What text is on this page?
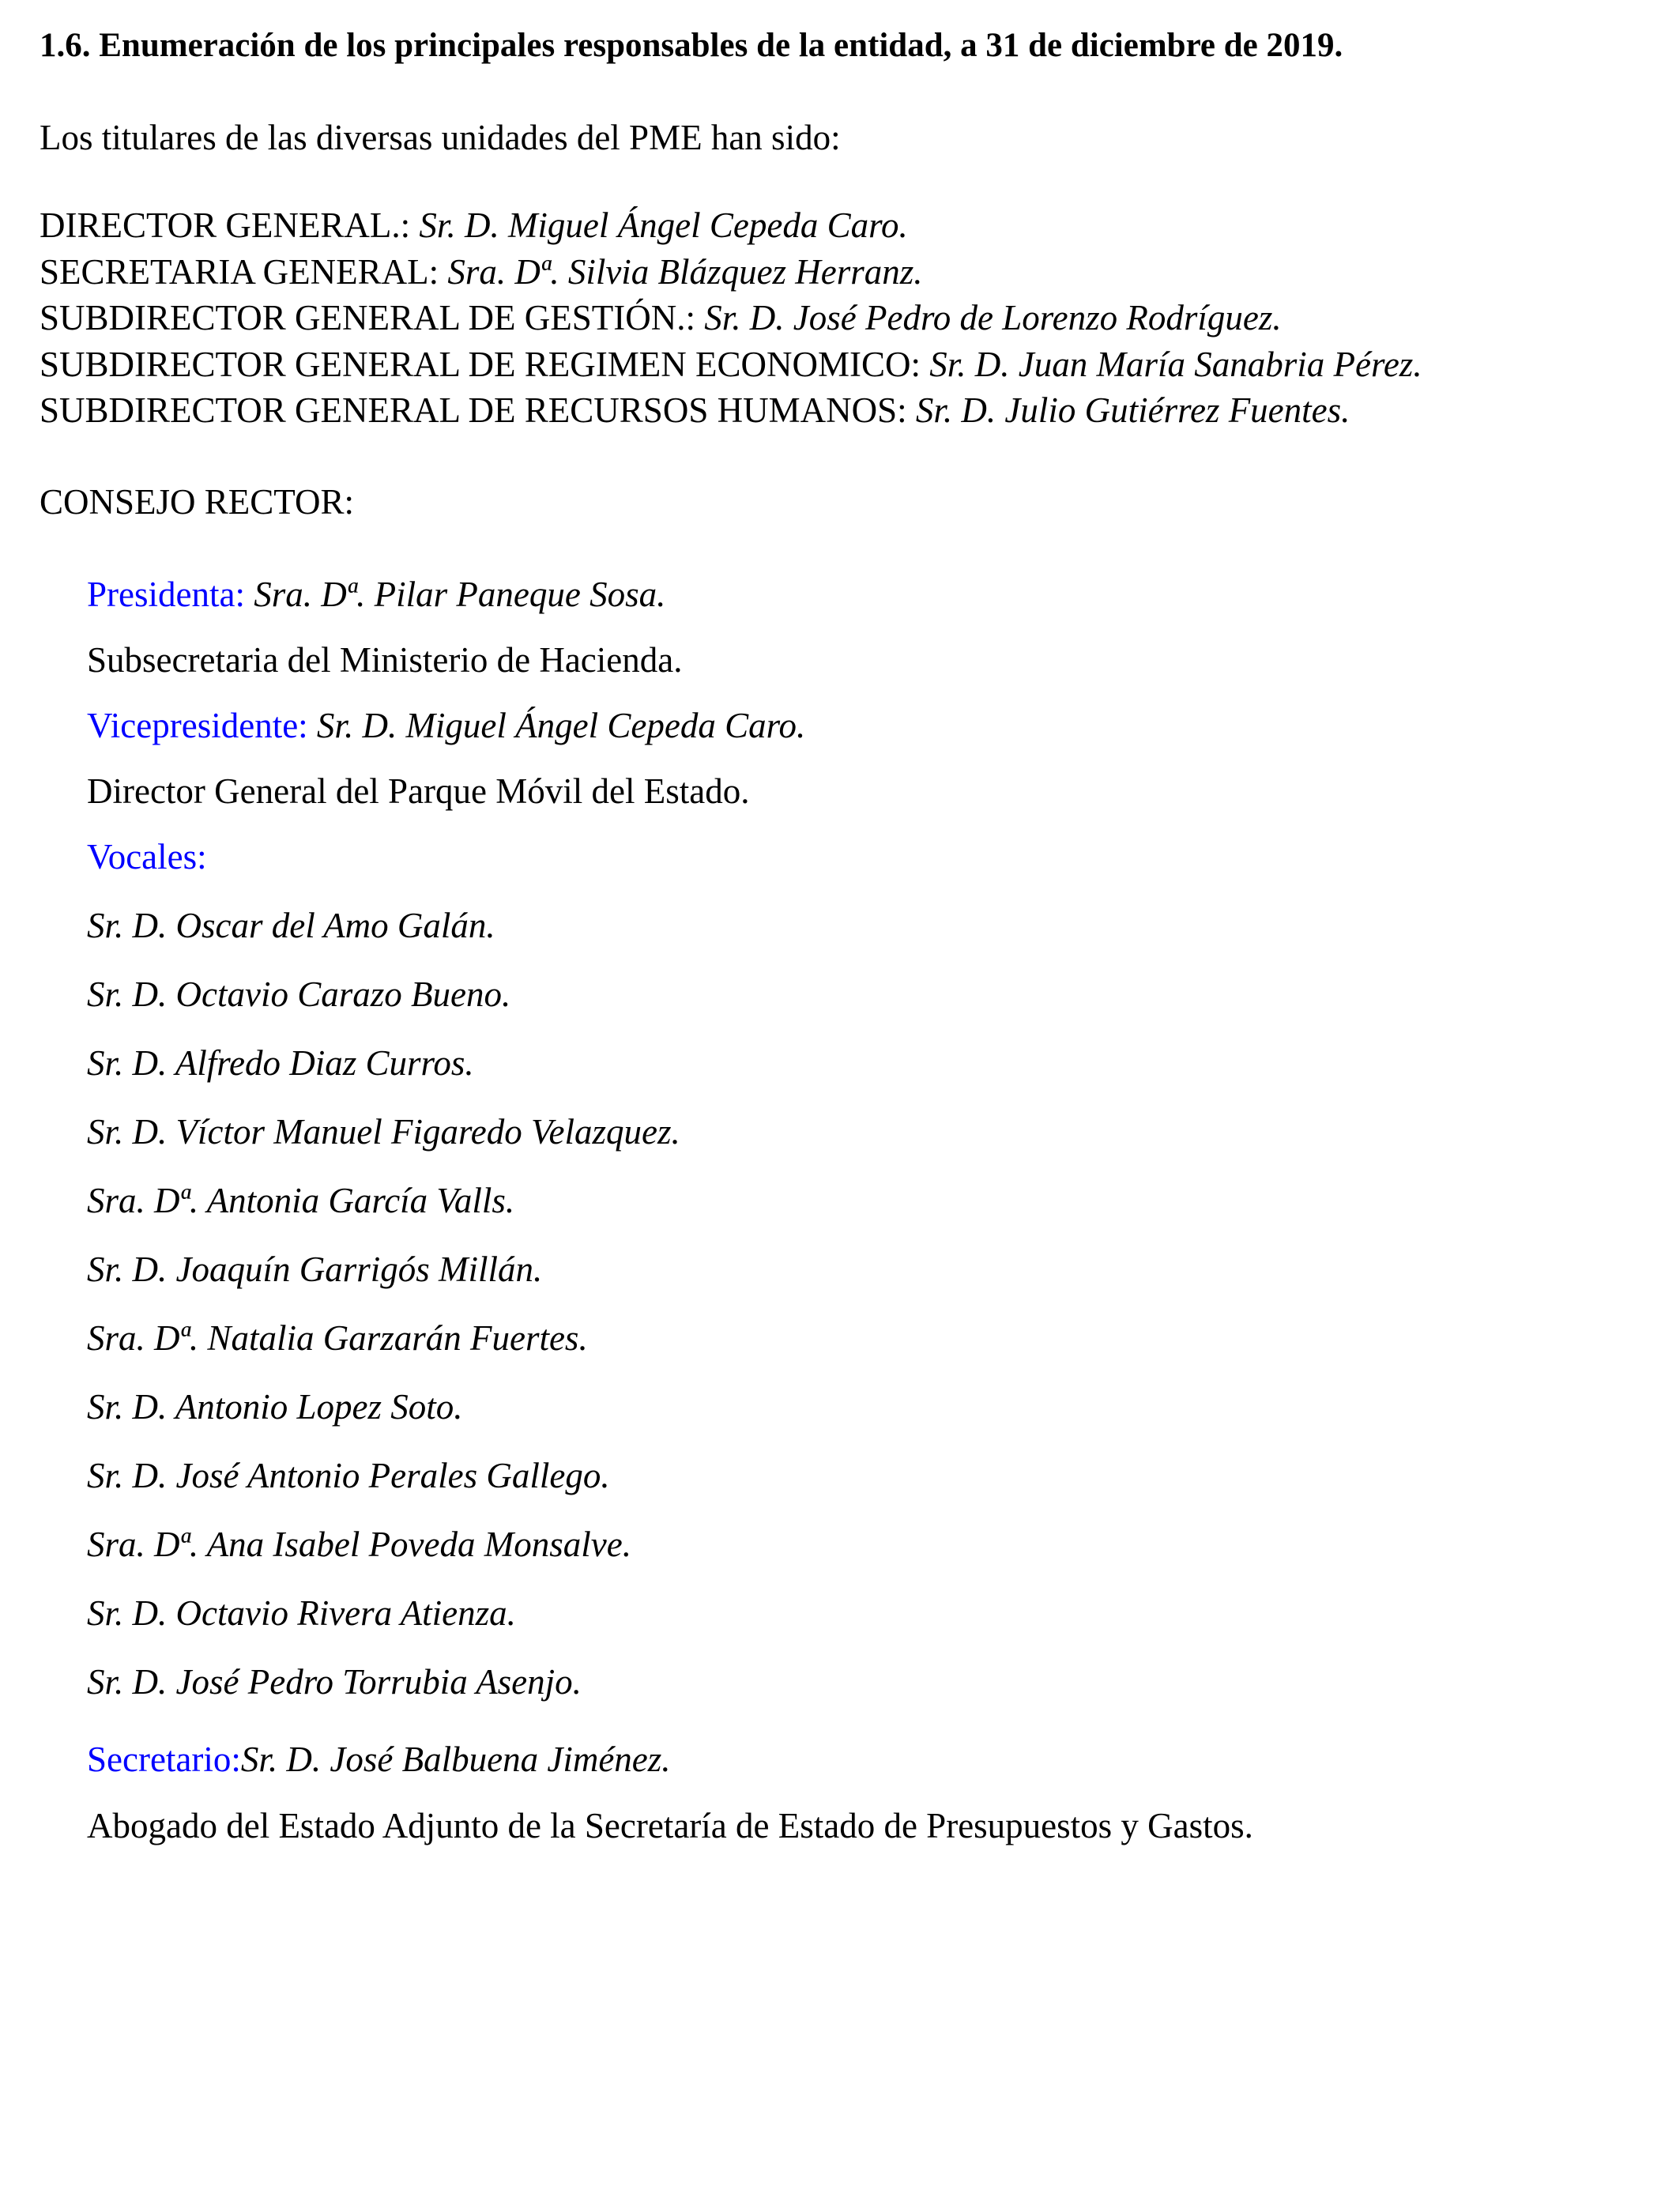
1.6. Enumeración de los principales responsables de la entidad, a 31 de diciembre de 2019.
Los titulares de las diversas unidades del PME han sido:
DIRECTOR GENERAL.: Sr. D. Miguel Ángel Cepeda Caro.
SECRETARIA GENERAL: Sra. Dª. Silvia Blázquez Herranz.
SUBDIRECTOR GENERAL DE GESTIÓN.: Sr. D. José Pedro de Lorenzo Rodríguez.
SUBDIRECTOR GENERAL DE REGIMEN ECONOMICO: Sr. D. Juan María Sanabria Pérez.
SUBDIRECTOR GENERAL DE RECURSOS HUMANOS: Sr. D. Julio Gutiérrez Fuentes.
CONSEJO RECTOR:
Presidenta: Sra. Dª. Pilar Paneque Sosa.
Subsecretaria del Ministerio de Hacienda.
Vicepresidente: Sr. D. Miguel Ángel Cepeda Caro.
Director General del Parque Móvil del Estado.
Vocales:
Sr. D. Oscar del Amo Galán.
Sr. D. Octavio Carazo Bueno.
Sr. D. Alfredo Diaz Curros.
Sr. D. Víctor Manuel Figaredo Velazquez.
Sra. Dª. Antonia García Valls.
Sr. D. Joaquín Garrigós Millán.
Sra. Dª. Natalia Garzarán Fuertes.
Sr. D. Antonio Lopez Soto.
Sr. D. José Antonio Perales Gallego.
Sra. Dª. Ana Isabel Poveda Monsalve.
Sr. D. Octavio Rivera Atienza.
Sr. D. José Pedro Torrubia Asenjo.
Secretario:Sr. D. José Balbuena Jiménez.
Abogado del Estado Adjunto de la Secretaría de Estado de Presupuestos y Gastos.
